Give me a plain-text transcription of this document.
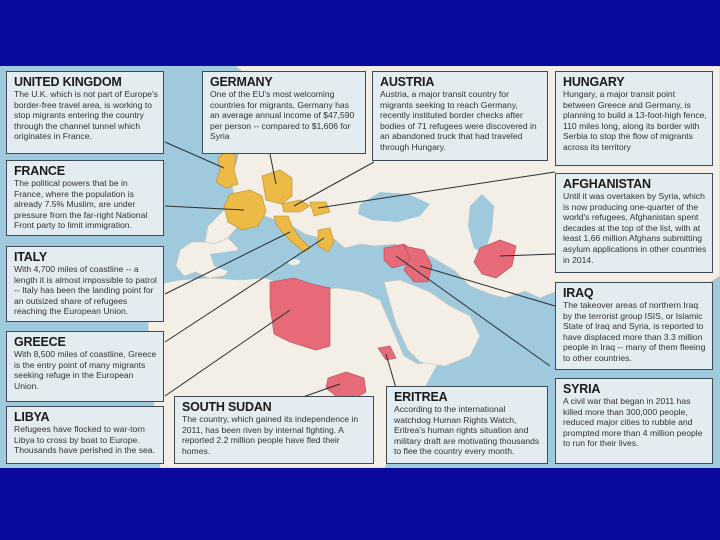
UNITED KINGDOM
The U.K. which is not part of Europe's border-free travel area, is working to stop migrants entering the country through the channel tunnel which originates in France.
GERMANY
One of the EU's most welcoming countries for migrants, Germany has an average annual income of $47,590 per person -- compared to $1,606 for Syria
AUSTRIA
Austria, a major transit country for migrants seeking to reach Germany, recently instituted border checks after bodies of 71 refugees were discovered in an abandoned truck that had traveled through Hungary.
HUNGARY
Hungary, a major transit point between Greece and Germany, is planning to build a 13-foot-high fence, 110 miles long, along its border with Serbia to stop the flow of migrants across its territory
FRANCE
The political powers that be in France, where the population is already 7.5% Muslim, are under pressure from the far-right National Front party to limit immigration.
AFGHANISTAN
Until it was overtaken by Syria, which is now producing one-quarter of the world's refugees, Afghanistan spent decades at the top of the list, with at least 1.66 million Afghans submitting asylum applications in other countries in 2014.
ITALY
With 4,700 miles of coastline -- a length it is almost impossible to patrol -- Italy has been the landing point for an outsized share of refugees reaching the European Union.
IRAQ
The takeover areas of northern Iraq by the terrorist group ISIS, or Islamic State of Iraq and Syria, is reported to have displaced more than 3.3 million people in Iraq -- many of them fleeing to other countries.
GREECE
With 8,500 miles of coastline, Greece is the entry point of many migrants seeking refuge in the European Union.	SYRIA
A civil war that began in 2011 has killed more than 300,000 people, reduced major cities to rubble and prompted more than 4 million people to run for their lives.
LIBYA
Refugees have flocked to war-torn Libya to cross by boat to Europe. Thousands have perished in the sea.
SOUTH SUDAN
The country, which gained its independence in 2011, has been riven by internal fighting. A reported 2.2 million people have fled their homes.
ERITREA
According to the international watchdog Human Rights Watch, Eritrea's human rights situation and military draft are motivating thousands to flee the country every month.
